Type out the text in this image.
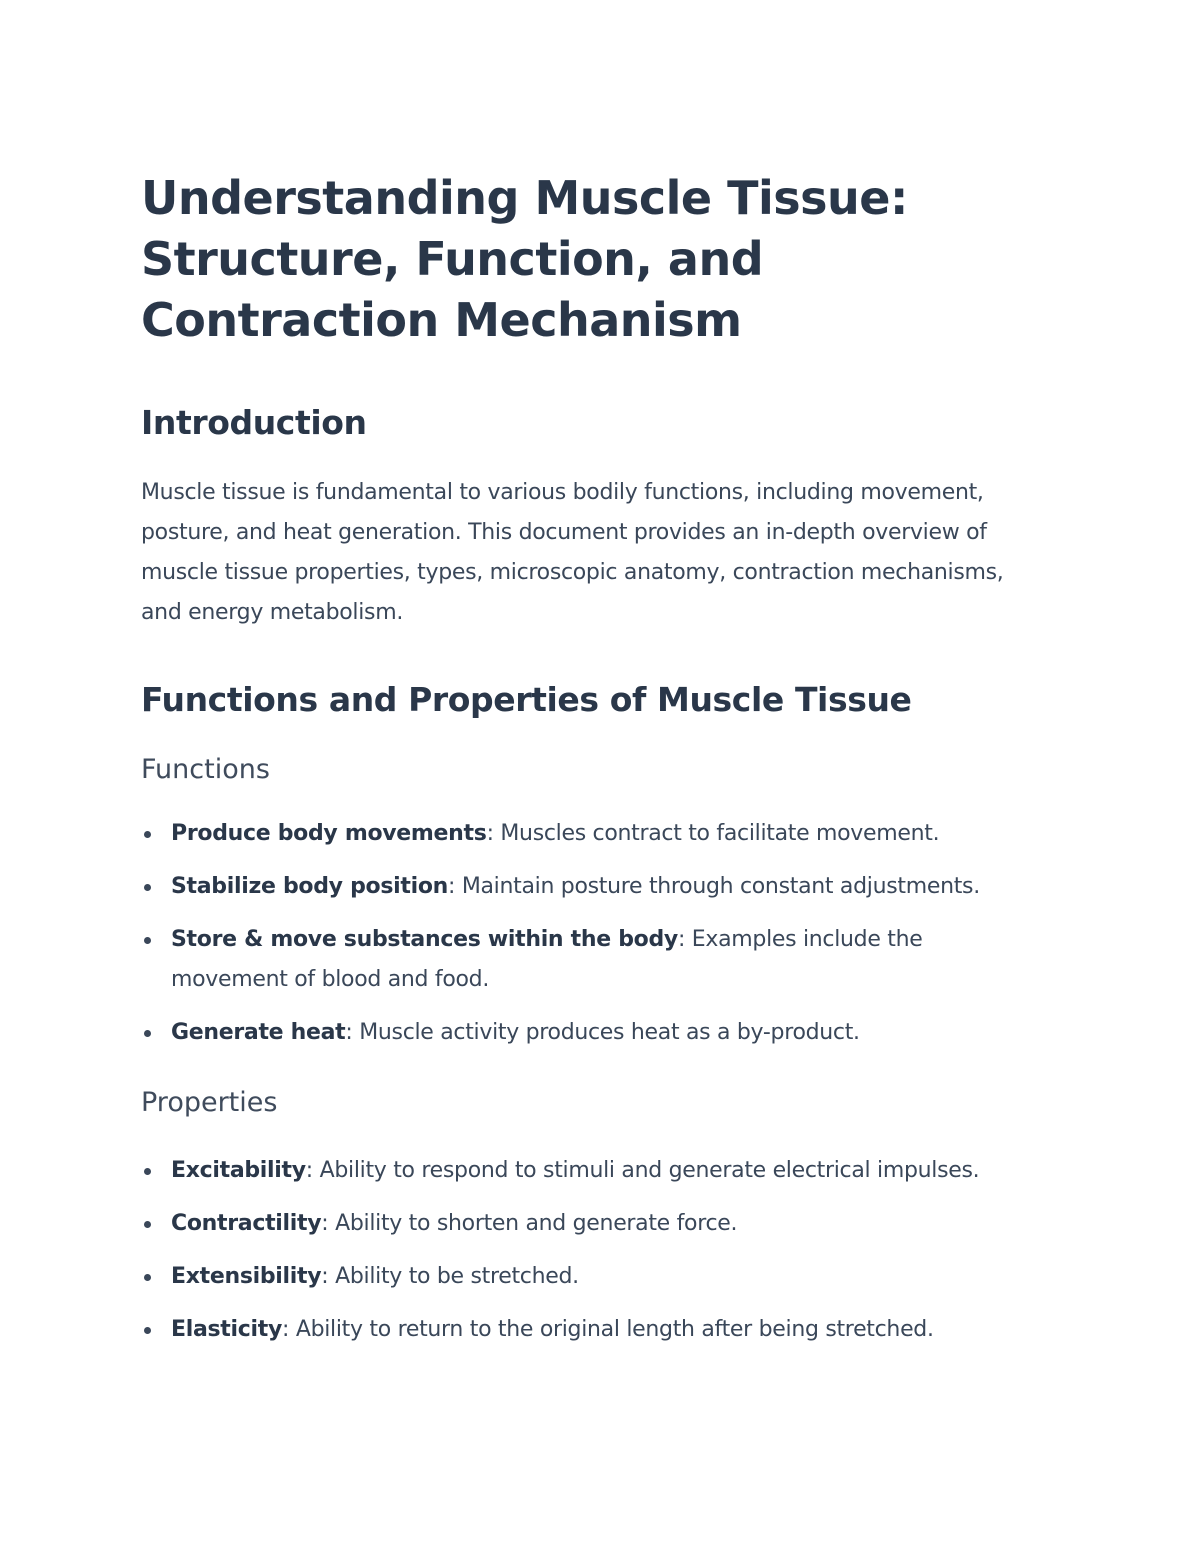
Understanding Muscle Tissue: Structure, Function, and Contraction Mechanism
Introduction

Muscle tissue is fundamental to various bodily functions, including movement, posture, and heat generation. This document provides an in-depth overview of muscle tissue properties, types, microscopic anatomy, contraction mechanisms, and energy metabolism.

Functions and Properties of Muscle Tissue
Functions
Produce body movements: Muscles contract to facilitate movement.
Stabilize body position: Maintain posture through constant adjustments.
Store & move substances within the body: Examples include the movement of blood and food.
Generate heat: Muscle activity produces heat as a by-product.
Properties
Excitability: Ability to respond to stimuli and generate electrical impulses.
Contractility: Ability to shorten and generate force.
Extensibility: Ability to be stretched.
Elasticity: Ability to return to the original length after being stretched.
